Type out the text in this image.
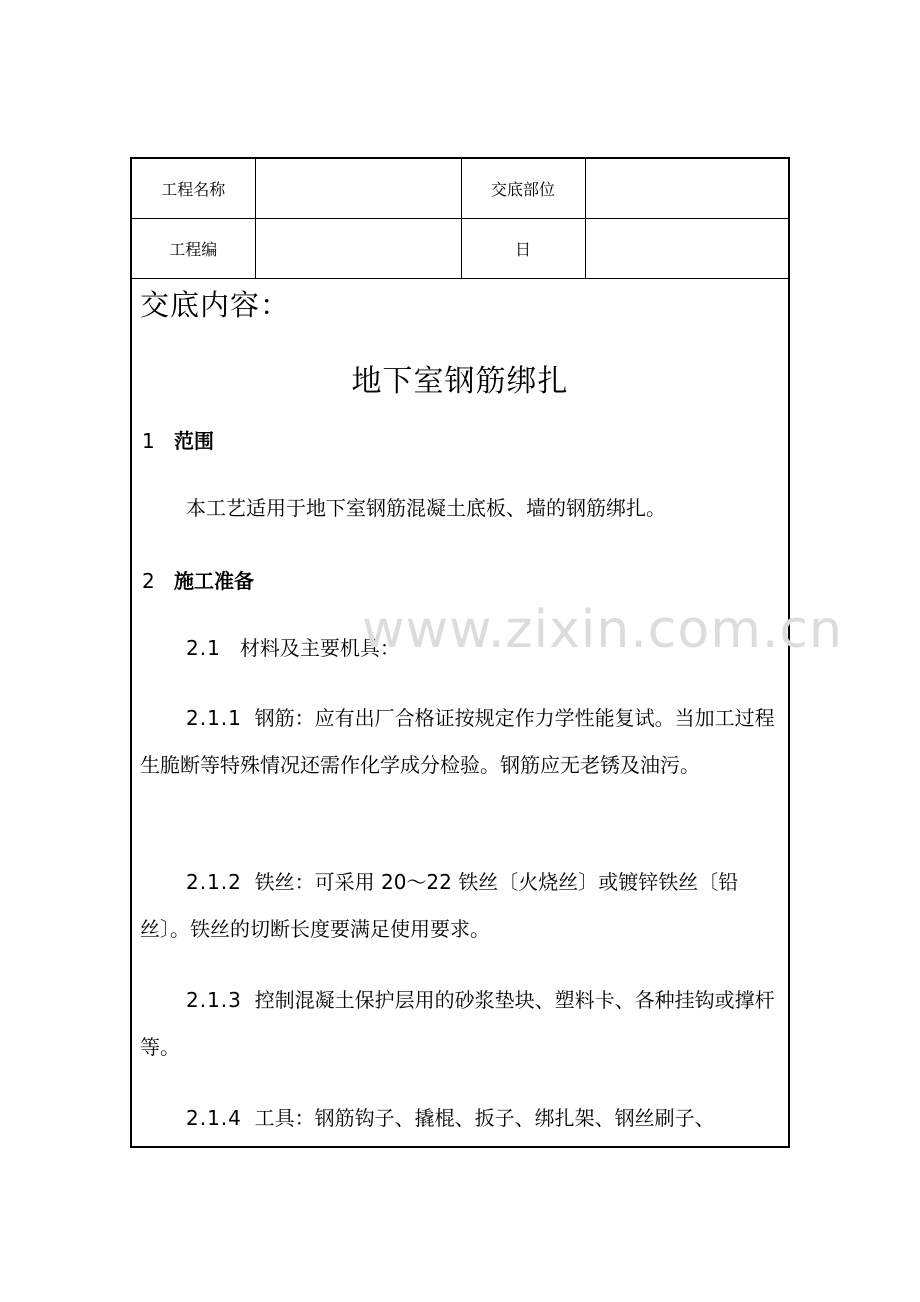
工程名称		交底部位	
工程编		日	
交底内容：
地下室钢筋绑扎
1 范围
本工艺适用于地下室钢筋混凝土底板、墙的钢筋绑扎。
2 施工准备
2.1 材料及主要机具：
2.1.1 钢筋：应有出厂合格证按规定作力学性能复试。当加工过程生脆断等特殊情况还需作化学成分检验。钢筋应无老锈及油污。
2.1.2 铁丝：可采用 20～22 铁丝〔火烧丝〕或镀锌铁丝〔铅丝〕。铁丝的切断长度要满足使用要求。
2.1.3 控制混凝土保护层用的砂浆垫块、塑料卡、各种挂钩或撑杆等。
2.1.4 工具：钢筋钩子、撬棍、扳子、绑扎架、钢丝刷子、
www.zixin.com.cn
